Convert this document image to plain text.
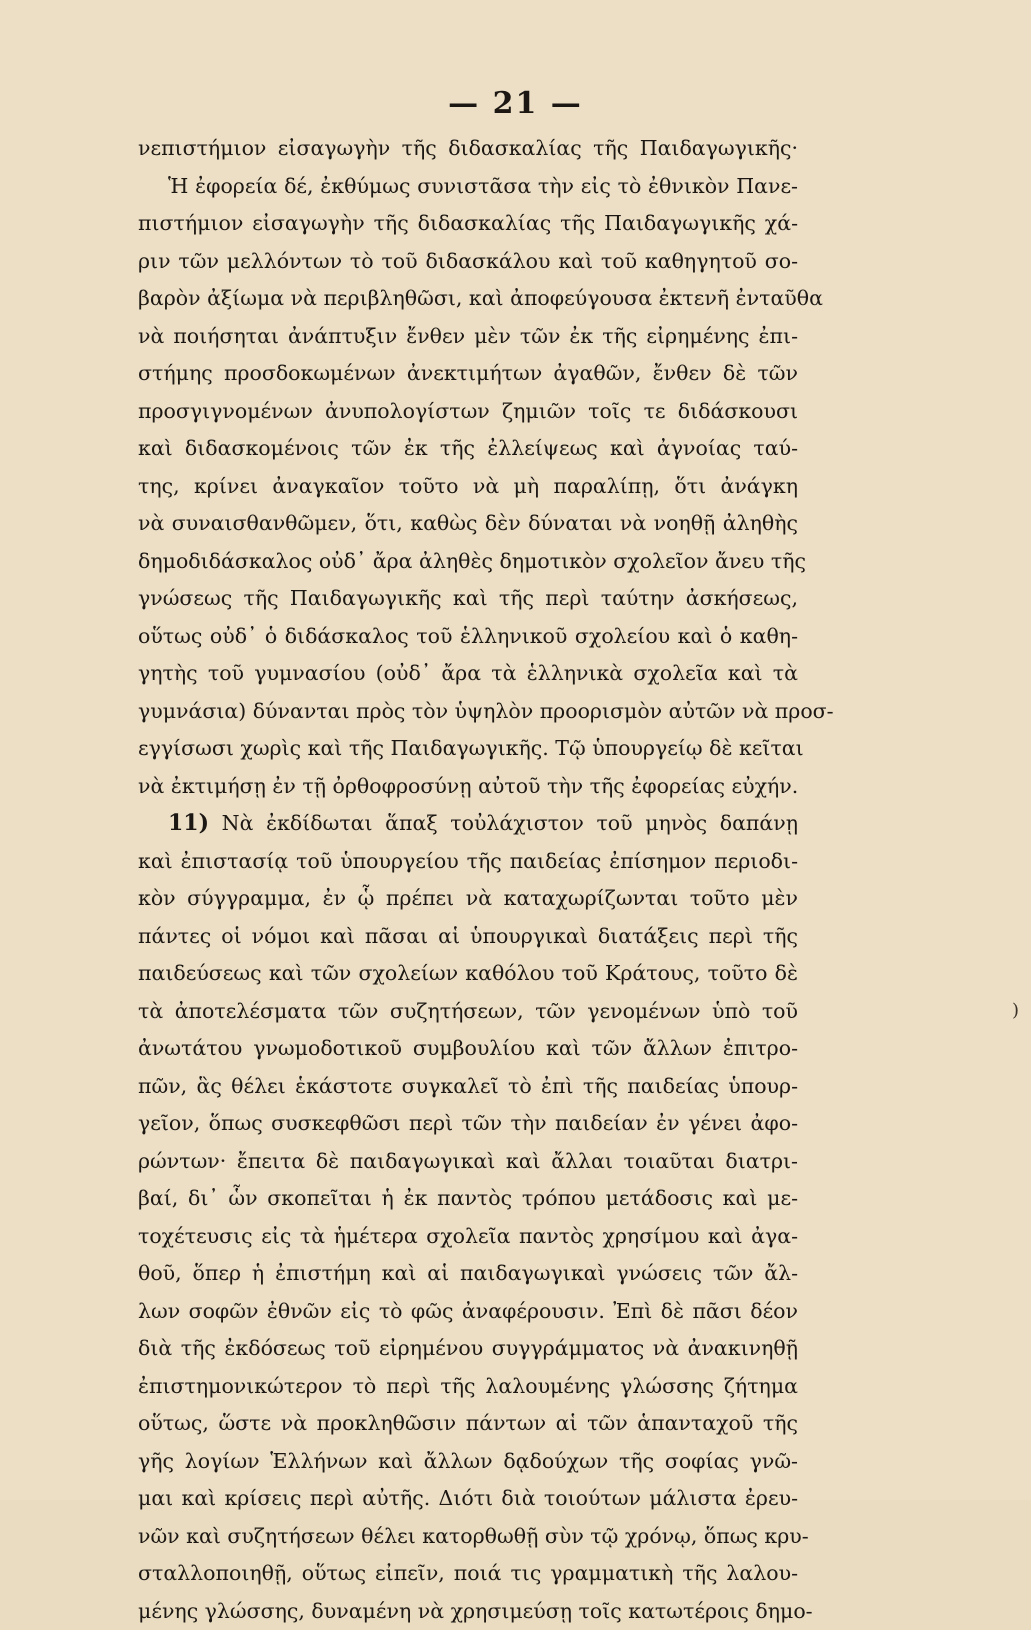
— 21 —
νεπιστήμιον εἰσαγωγὴν τῆς διδασκαλίας τῆς Παιδαγωγικῆς·
Ἡ ἐφορεία δέ, ἐκθύμως συνιστᾶσα τὴν εἰς τὸ ἐθνικὸν Πανε-
πιστήμιον εἰσαγωγὴν τῆς διδασκαλίας τῆς Παιδαγωγικῆς χά-
ριν τῶν μελλόντων τὸ τοῦ διδασκάλου καὶ τοῦ καθηγητοῦ σο-
βαρὸν ἀξίωμα νὰ περιβληθῶσι, καὶ ἀποφεύγουσα ἐκτενῆ ἐνταῦθα
νὰ ποιήσηται ἀνάπτυξιν ἔνθεν μὲν τῶν ἐκ τῆς εἰρημένης ἐπι-
στήμης προσδοκωμένων ἀνεκτιμήτων ἀγαθῶν, ἔνθεν δὲ τῶν
προσγιγνομένων ἀνυπολογίστων ζημιῶν τοῖς τε διδάσκουσι
καὶ διδασκομένοις τῶν ἐκ τῆς ἐλλείψεως καὶ ἀγνοίας ταύ-
της, κρίνει ἀναγκαῖον τοῦτο νὰ μὴ παραλίπῃ, ὅτι ἀνάγκη
νὰ συναισθανθῶμεν, ὅτι, καθὼς δὲν δύναται νὰ νοηθῇ ἀληθὴς
δημοδιδάσκαλος οὐδ᾽ ἄρα ἀληθὲς δημοτικὸν σχολεῖον ἄνευ τῆς
γνώσεως τῆς Παιδαγωγικῆς καὶ τῆς περὶ ταύτην ἀσκήσεως,
οὕτως οὐδ᾽ ὁ διδάσκαλος τοῦ ἑλληνικοῦ σχολείου καὶ ὁ καθη-
γητὴς τοῦ γυμνασίου (οὐδ᾽ ἄρα τὰ ἑλληνικὰ σχολεῖα καὶ τὰ
γυμνάσια) δύνανται πρὸς τὸν ὑψηλὸν προορισμὸν αὐτῶν νὰ προσ-
εγγίσωσι χωρὶς καὶ τῆς Παιδαγωγικῆς. Τῷ ὑπουργείῳ δὲ κεῖται
νὰ ἐκτιμήσῃ ἐν τῇ ὀρθοφροσύνῃ αὐτοῦ τὴν τῆς ἐφορείας εὐχήν.
11) Νὰ ἐκδίδωται ἅπαξ τοὐλάχιστον τοῦ μηνὸς δαπάνῃ
καὶ ἐπιστασίᾳ τοῦ ὑπουργείου τῆς παιδείας ἐπίσημον περιοδι-
κὸν σύγγραμμα, ἐν ᾧ πρέπει νὰ καταχωρίζωνται τοῦτο μὲν
πάντες οἱ νόμοι καὶ πᾶσαι αἱ ὑπουργικαὶ διατάξεις περὶ τῆς
παιδεύσεως καὶ τῶν σχολείων καθόλου τοῦ Κράτους, τοῦτο δὲ
τὰ ἀποτελέσματα τῶν συζητήσεων, τῶν γενομένων ὑπὸ τοῦ
ἀνωτάτου γνωμοδοτικοῦ συμβουλίου καὶ τῶν ἄλλων ἐπιτρο-
πῶν, ἃς θέλει ἑκάστοτε συγκαλεῖ τὸ ἐπὶ τῆς παιδείας ὑπουρ-
γεῖον, ὅπως συσκεφθῶσι περὶ τῶν τὴν παιδείαν ἐν γένει ἀφο-
ρώντων· ἔπειτα δὲ παιδαγωγικαὶ καὶ ἄλλαι τοιαῦται διατρι-
βαί, δι᾽ ὧν σκοπεῖται ἡ ἐκ παντὸς τρόπου μετάδοσις καὶ με-
τοχέτευσις εἰς τὰ ἡμέτερα σχολεῖα παντὸς χρησίμου καὶ ἀγα-
θοῦ, ὅπερ ἡ ἐπιστήμη καὶ αἱ παιδαγωγικαὶ γνώσεις τῶν ἄλ-
λων σοφῶν ἐθνῶν εἰς τὸ φῶς ἀναφέρουσιν. Ἐπὶ δὲ πᾶσι δέον
διὰ τῆς ἐκδόσεως τοῦ εἰρημένου συγγράμματος νὰ ἀνακινηθῇ
ἐπιστημονικώτερον τὸ περὶ τῆς λαλουμένης γλώσσης ζήτημα
οὕτως, ὥστε νὰ προκληθῶσιν πάντων αἱ τῶν ἁπανταχοῦ τῆς
γῆς λογίων Ἑλλήνων καὶ ἄλλων δᾳδούχων τῆς σοφίας γνῶ-
μαι καὶ κρίσεις περὶ αὐτῆς. Διότι διὰ τοιούτων μάλιστα ἐρευ-
νῶν καὶ συζητήσεων θέλει κατορθωθῇ σὺν τῷ χρόνῳ, ὅπως κρυ-
σταλλοποιηθῇ, οὕτως εἰπεῖν, ποιά τις γραμματικὴ τῆς λαλου-
μένης γλώσσης, δυναμένη νὰ χρησιμεύσῃ τοῖς κατωτέροις δημο-
)
